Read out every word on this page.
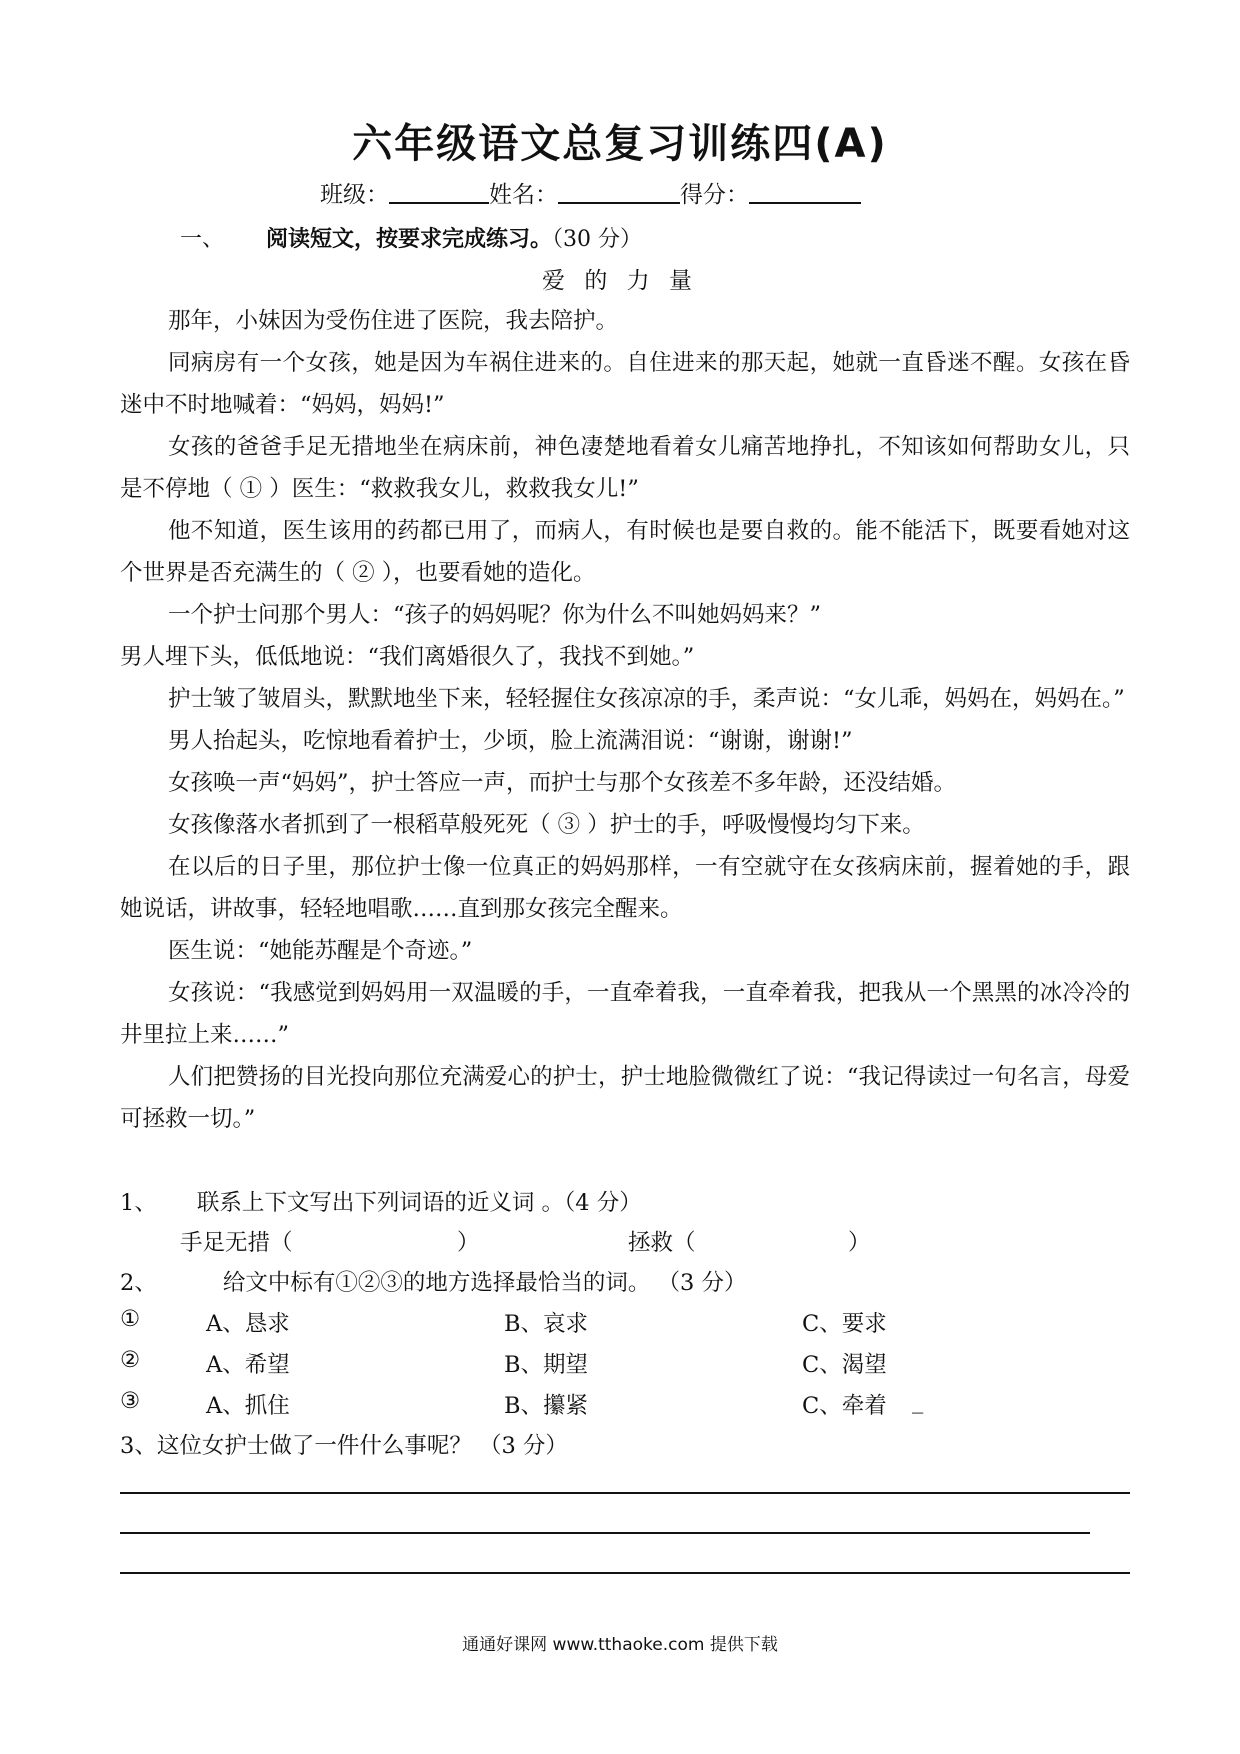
六年级语文总复习训练四(A)
班级：	姓名：	得分：
一、 阅读短文，按要求完成练习。（30 分）
爱 的 力 量

那年，小妹因为受伤住进了医院，我去陪护。

同病房有一个女孩，她是因为车祸住进来的。自住进来的那天起，她就一直昏迷不醒。女孩在昏迷中不时地喊着：“妈妈，妈妈!”

女孩的爸爸手足无措地坐在病床前，神色凄楚地看着女儿痛苦地挣扎，不知该如何帮助女儿，只是不停地（ ① ）医生：“救救我女儿，救救我女儿!”

他不知道，医生该用的药都已用了，而病人，有时候也是要自救的。能不能活下，既要看她对这个世界是否充满生的（ ② ），也要看她的造化。

一个护士问那个男人：“孩子的妈妈呢？你为什么不叫她妈妈来？”

男人埋下头，低低地说：“我们离婚很久了，我找不到她。”

护士皱了皱眉头，默默地坐下来，轻轻握住女孩凉凉的手，柔声说：“女儿乖，妈妈在，妈妈在。”

男人抬起头，吃惊地看着护士，少顷，脸上流满泪说：“谢谢，谢谢!”

女孩唤一声“妈妈”，护士答应一声，而护士与那个女孩差不多年龄，还没结婚。

女孩像落水者抓到了一根稻草般死死（ ③ ）护士的手，呼吸慢慢均匀下来。

在以后的日子里，那位护士像一位真正的妈妈那样，一有空就守在女孩病床前，握着她的手，跟她说话，讲故事，轻轻地唱歌……直到那女孩完全醒来。

医生说：“她能苏醒是个奇迹。”

女孩说：“我感觉到妈妈用一双温暖的手，一直牵着我，一直牵着我，把我从一个黑黑的冰冷冷的井里拉上来……”

人们把赞扬的目光投向那位充满爱心的护士，护士地脸微微红了说：“我记得读过一句名言，母爱可拯救一切。”

1、 联系上下文写出下列词语的近义词 。（4 分）
手足无措（	）	拯救（	）
2、	给文中标有①②③的地方选择最恰当的词。 （3 分）
①	A、恳求	B、哀求	C、要求
②	A、希望	B、期望	C、渴望
③	A、抓住	B、攥紧	C、牵着 _
3、这位女护士做了一件什么事呢？ （3 分）
通通好课网 www.tthaoke.com 提供下载
